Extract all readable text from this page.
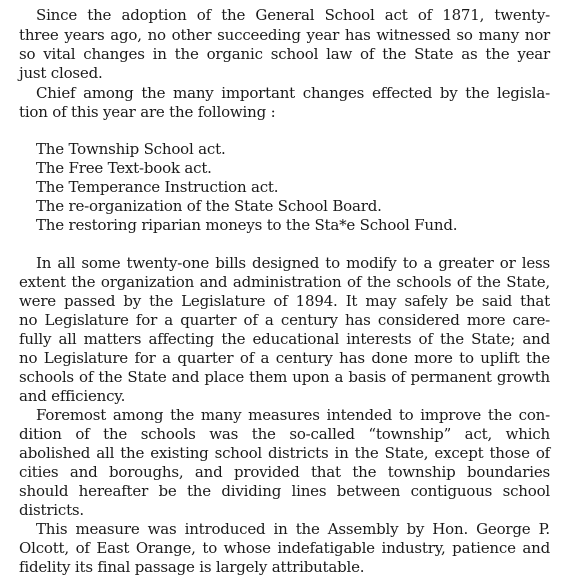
Since the adoption of the General School act of 1871, twenty-
three years ago, no other succeeding year has witnessed so many nor
so vital changes in the organic school law of the State as the year
just closed.
Chief among the many important changes effected by the legisla-
tion of this year are the following :
The Township School act.
The Free Text-book act.
The Temperance Instruction act.
The re-organization of the State School Board.
The restoring riparian moneys to the Sta*e School Fund.
In all some twenty-one bills designed to modify to a greater or less
extent the organization and administration of the schools of the State,
were passed by the Legislature of 1894. It may safely be said that
no Legislature for a quarter of a century has considered more care-
fully all matters affecting the educational interests of the State; and
no Legislature for a quarter of a century has done more to uplift the
schools of the State and place them upon a basis of permanent growth
and efficiency.
Foremost among the many measures intended to improve the con-
dition of the schools was the so-called “township” act, which
abolished all the existing school districts in the State, except those of
cities and boroughs, and provided that the township boundaries
should hereafter be the dividing lines between contiguous school
districts.
This measure was introduced in the Assembly by Hon. George P.
Olcott, of East Orange, to whose indefatigable industry, patience and
fidelity its final passage is largely attributable.
